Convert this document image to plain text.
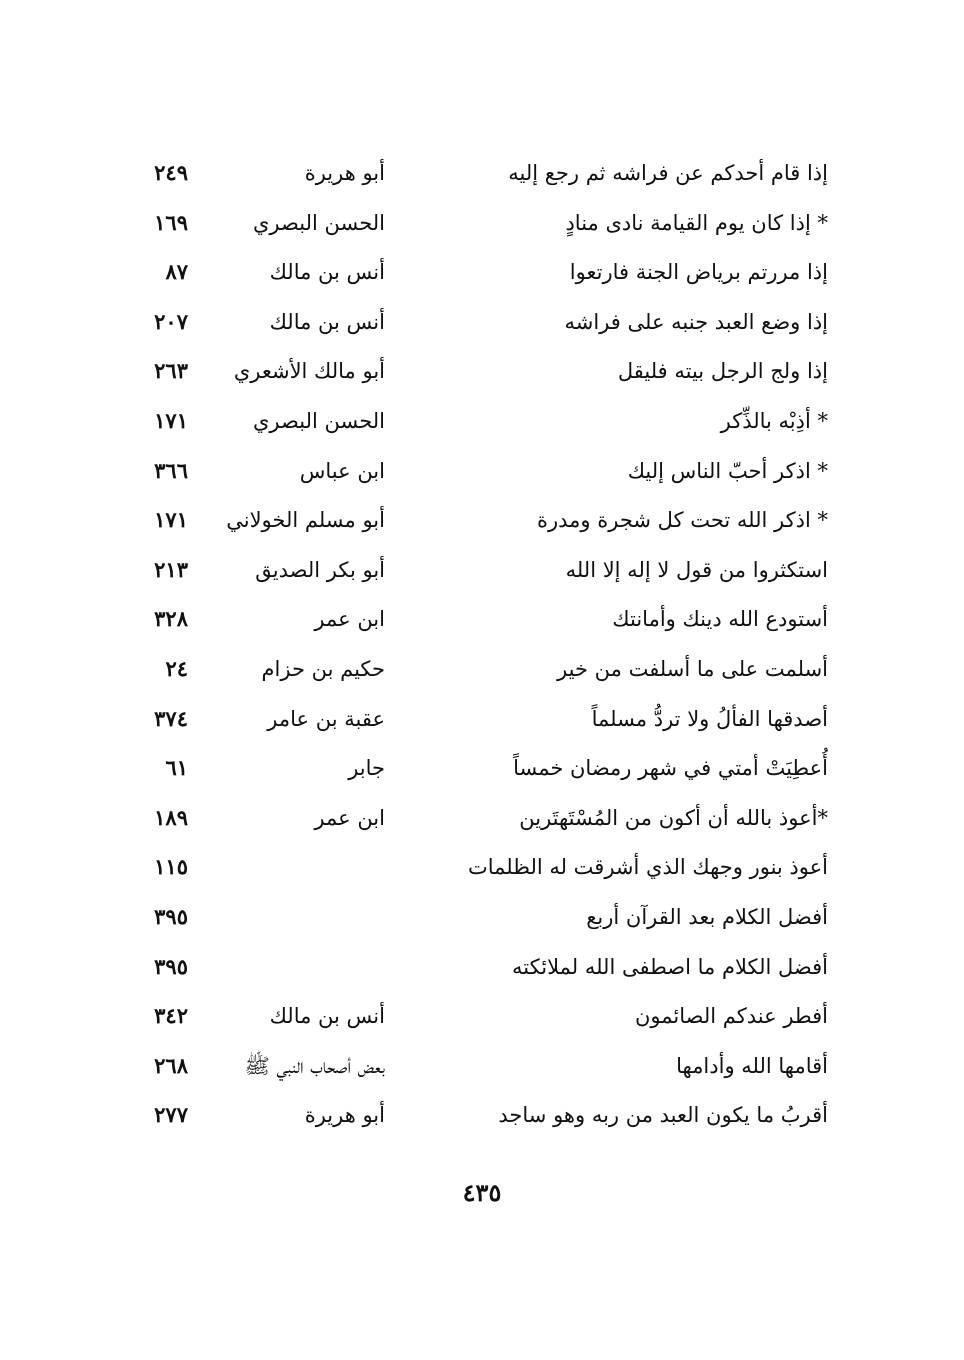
إذا قام أحدكم عن فراشه ثم رجع إليه
أبو هريرة
٢٤٩
* إذا كان يوم القيامة نادى منادٍ
الحسن البصري
١٦٩
إذا مررتم برياض الجنة فارتعوا
أنس بن مالك
٨٧
إذا وضع العبد جنبه على فراشه
أنس بن مالك
٢٠٧
إذا ولج الرجل بيته فليقل
أبو مالك الأشعري
٢٦٣
* أذِبْه بالذِّكر
الحسن البصري
١٧١
* اذكر أحبّ الناس إليك
ابن عباس
٣٦٦
* اذكر الله تحت كل شجرة ومدرة
أبو مسلم الخولاني
١٧١
استكثروا من قول لا إله إلا الله
أبو بكر الصديق
٢١٣
أستودع الله دينك وأمانتك
ابن عمر
٣٢٨
أسلمت على ما أسلفت من خير
حكيم بن حزام
٢٤
أصدقها الفألُ ولا تردُّ مسلماً
عقبة بن عامر
٣٧٤
أُعطِيَتْ أمتي في شهر رمضان خمساً
جابر
٦١
*أعوذ بالله أن أكون من المُسْتَهتَرين
ابن عمر
١٨٩
أعوذ بنور وجهك الذي أشرقت له الظلمات
١١٥
أفضل الكلام بعد القرآن أربع
٣٩٥
أفضل الكلام ما اصطفى الله لملائكته
٣٩٥
أفطر عندكم الصائمون
أنس بن مالك
٣٤٢
أقامها الله وأدامها
بعض أصحاب النبي ﷺ
٢٦٨
أقربُ ما يكون العبد من ربه وهو ساجد
أبو هريرة
٢٧٧
٤٣٥
